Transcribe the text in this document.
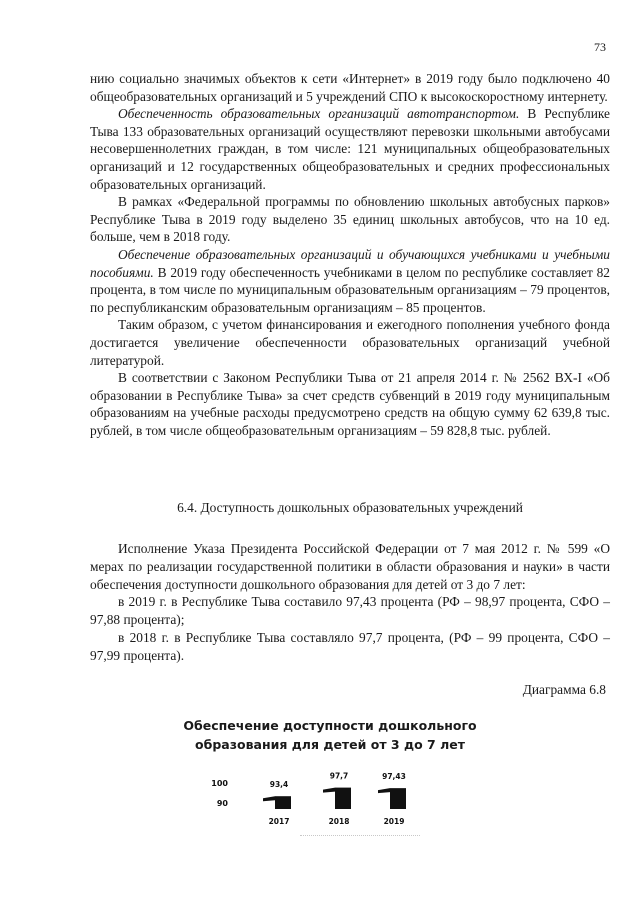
73

нию социально значимых объектов к сети «Интернет» в 2019 году было подключено 40 общеобразовательных организаций и 5 учреждений СПО к высокоскоростному интернету.

Обеспеченность образовательных организаций автотранспортом. В Республике Тыва 133 образовательных организаций осуществляют перевозки школьными автобусами несовершеннолетних граждан, в том числе: 121 муниципальных общеобразовательных организаций и 12 государственных общеобразовательных и средних профессиональных образовательных организаций.

В рамках «Федеральной программы по обновлению школьных автобусных парков» Республике Тыва в 2019 году выделено 35 единиц школьных автобусов, что на 10 ед. больше, чем в 2018 году.

Обеспечение образовательных организаций и обучающихся учебниками и учебными пособиями. В 2019 году обеспеченность учебниками в целом по республике составляет 82 процента, в том числе по муниципальным образовательным организациям – 79 процентов, по республиканским образовательным организациям – 85 процентов.

Таким образом, с учетом финансирования и ежегодного пополнения учебного фонда достигается увеличение обеспеченности образовательных организаций учебной литературой.

В соответствии с Законом Республики Тыва от 21 апреля 2014 г. № 2562 ВХ-I «Об образовании в Республике Тыва» за счет средств субвенций в 2019 году муниципальным образованиям на учебные расходы предусмотрено средств на общую сумму 62 639,8 тыс. рублей, в том числе общеобразовательным организациям – 59 828,8 тыс. рублей.

6.4. Доступность дошкольных образовательных учреждений

Исполнение Указа Президента Российской Федерации от 7 мая 2012 г. № 599 «О мерах по реализации государственной политики в области образования и науки» в части обеспечения доступности дошкольного образования для детей от 3 до 7 лет:

в 2019 г. в Республике Тыва составило 97,43 процента (РФ – 98,97 процента, СФО – 97,88 процента);

в 2018 г. в Республике Тыва составляло 97,7 процента, (РФ – 99 процента, СФО – 97,99 процента).

Диаграмма 6.8
Обеспечение доступности дошкольного образования для детей от 3 до 7 лет
100
90
93,4
2017
97,7
2018
97,43
2019
